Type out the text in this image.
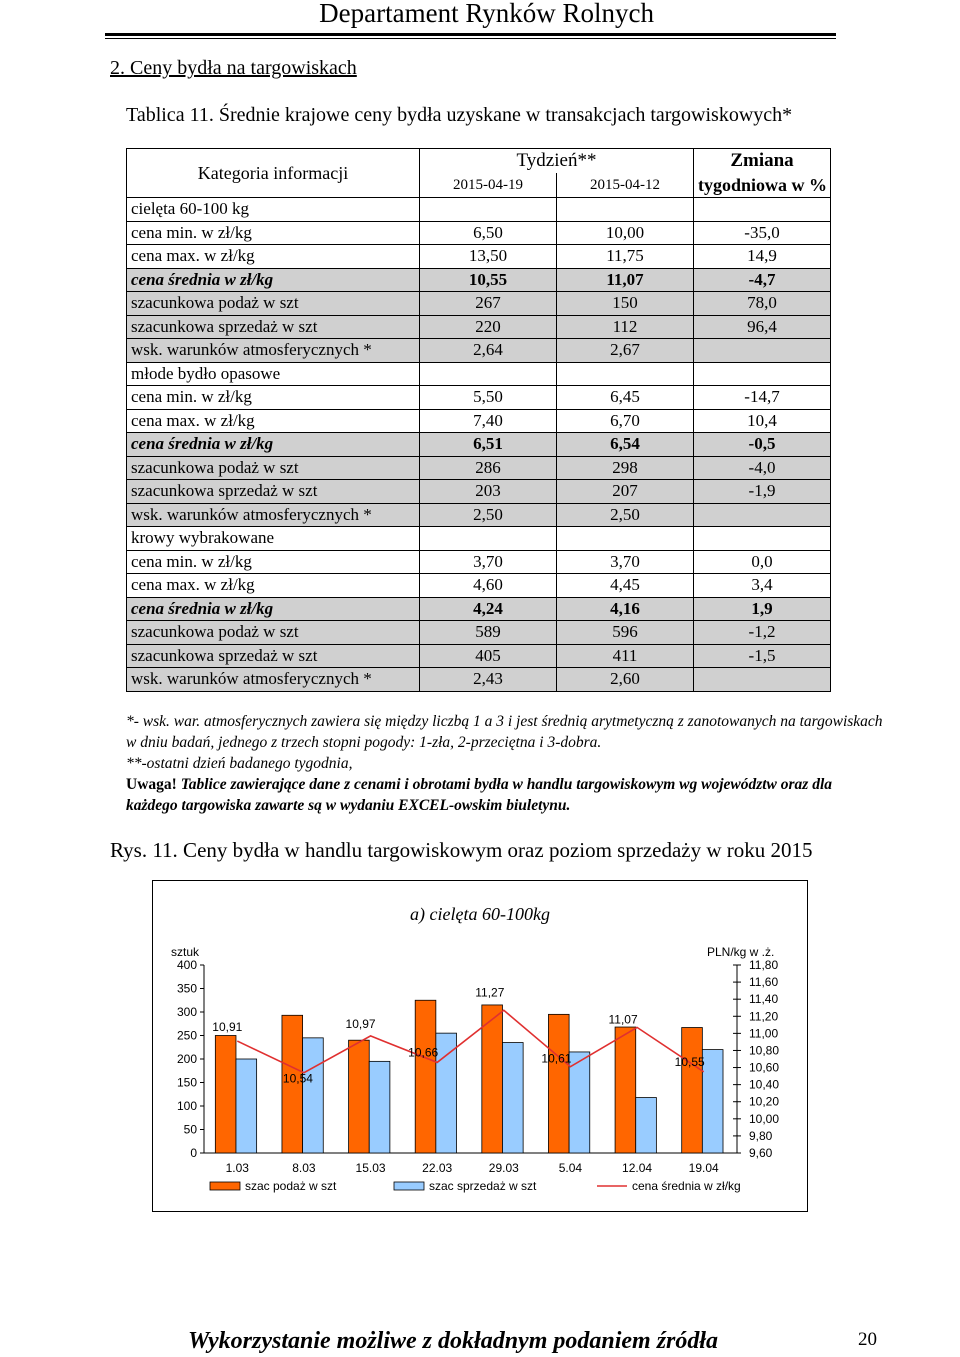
Departament Rynków Rolnych
2. Ceny bydła na targowiskach
Tablica 11. Średnie krajowe ceny bydła uzyskane w transakcjach targowiskowych*
Kategoria informacji	Tydzień**		Zmiana
	2015-04-19	2015-04-12	tygodniowa w %
cielęta 60-100 kg			
cena min. w zł/kg	6,50	10,00	-35,0
cena max. w zł/kg	13,50	11,75	14,9
cena średnia w zł/kg	10,55	11,07	-4,7
szacunkowa podaż w szt	267	150	78,0
szacunkowa sprzedaż w szt	220	112	96,4
wsk. warunków atmosferycznych *	2,64	2,67	
młode bydło opasowe			
cena min. w zł/kg	5,50	6,45	-14,7
cena max. w zł/kg	7,40	6,70	10,4
cena średnia w zł/kg	6,51	6,54	-0,5
szacunkowa podaż w szt	286	298	-4,0
szacunkowa sprzedaż w szt	203	207	-1,9
wsk. warunków atmosferycznych *	2,50	2,50	
krowy wybrakowane			
cena min. w zł/kg	3,70	3,70	0,0
cena max. w zł/kg	4,60	4,45	3,4
cena średnia w zł/kg	4,24	4,16	1,9
szacunkowa podaż w szt	589	596	-1,2
szacunkowa sprzedaż w szt	405	411	-1,5
wsk. warunków atmosferycznych *	2,43	2,60	

*- wsk. war. atmosferycznych zawiera się między liczbą 1 a 3 i jest średnią arytmetyczną z zanotowanych na targowiskach w dniu badań, jednego z trzech stopni pogody: 1-zła, 2-przeciętna i 3-dobra.

**-ostatni dzień badanego tygodnia,

Uwaga! Tablice zawierające dane z cenami i obrotami bydła w handlu targowiskowym wg województw oraz dla każdego targowiska zawarte są w wydaniu EXCEL-owskim biuletynu.

Rys. 11. Ceny bydła w handlu targowiskowym oraz poziom sprzedaży w roku 2015
a) cielęta 60-100kg
sztuk	PLN/kg w .ż.
0
50
100
150
200
250
300
350
400
9,60
9,80
10,00
10,20
10,40
10,60
10,80
11,00
11,20
11,40
11,60
11,80
1.03	8.03	15.03	22.03	29.03	5.04	12.04	19.04
10,91
10,54
10,97
10,66
11,27
10,61
11,07
10,55
szac podaż w szt	szac sprzedaż w szt	cena średnia w zł/kg
Wykorzystanie możliwe z dokładnym podaniem źródła	20
